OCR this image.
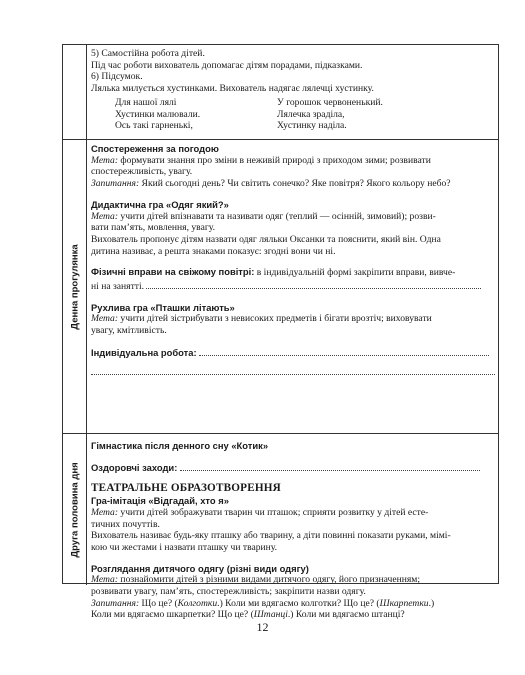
5) Самостійна робота дітей.

Під час роботи вихователь допомагає дітям порадами, підказками.

6) Підсумок.

Лялька милується хустинками. Вихователь надягає лялечці хустинку.

Для нашої лялі

Хустинки малювали.

Ось такі гарненькі,

У горошок червоненький.

Лялечка зраділа,

Хустинку наділа.

Денна прогулянка

Спостереження за погодою

Мета: формувати знання про зміни в неживій природі з приходом зими; розвивати

спостережливість, увагу.

Запитання: Який сьогодні день? Чи світить сонечко? Яке повітря? Якого кольору небо?

Дидактична гра «Одяг який?»

Мета: учити дітей впізнавати та називати одяг (теплий — осінній, зимовий); розви-

вати пам’ять, мовлення, увагу.

Вихователь пропонує дітям назвати одяг ляльки Оксанки та пояснити, який він. Одна

дитина називає, а решта знаками показує: згодні вони чи ні.

Фізичні вправи на свіжому повітрі: в індивідуальній формі закріпити вправи, вивче-

ні на занятті.

Рухлива гра «Пташки літають»

Мета: учити дітей зістрибувати з невисоких предметів і бігати врозтіч; виховувати

увагу, кмітливість.

Індивідуальна робота:

Друга половина дня

Гімнастика після денного сну «Котик»

Оздоровчі заходи:

ТЕАТРАЛЬНЕ ОБРАЗОТВОРЕННЯ

Гра-імітація «Відгадай, хто я»

Мета: учити дітей зображувати тварин чи пташок; сприяти розвитку у дітей есте-

тичних почуттів.

Вихователь називає будь-яку пташку або тварину, а діти повинні показати руками, мімі-

кою чи жестами і назвати пташку чи тварину.

Розглядання дитячого одягу (різні види одягу)

Мета: познайомити дітей з різними видами дитячого одягу, його призначенням;

розвивати увагу, пам’ять, спостережливість; закріпити назви одягу.

Запитання: Що це? (Колготки.) Коли ми вдягаємо колготки? Що це? (Шкарпетки.)

Коли ми вдягаємо шкарпетки? Що це? (Штанці.) Коли ми вдягаємо штанці?

12
